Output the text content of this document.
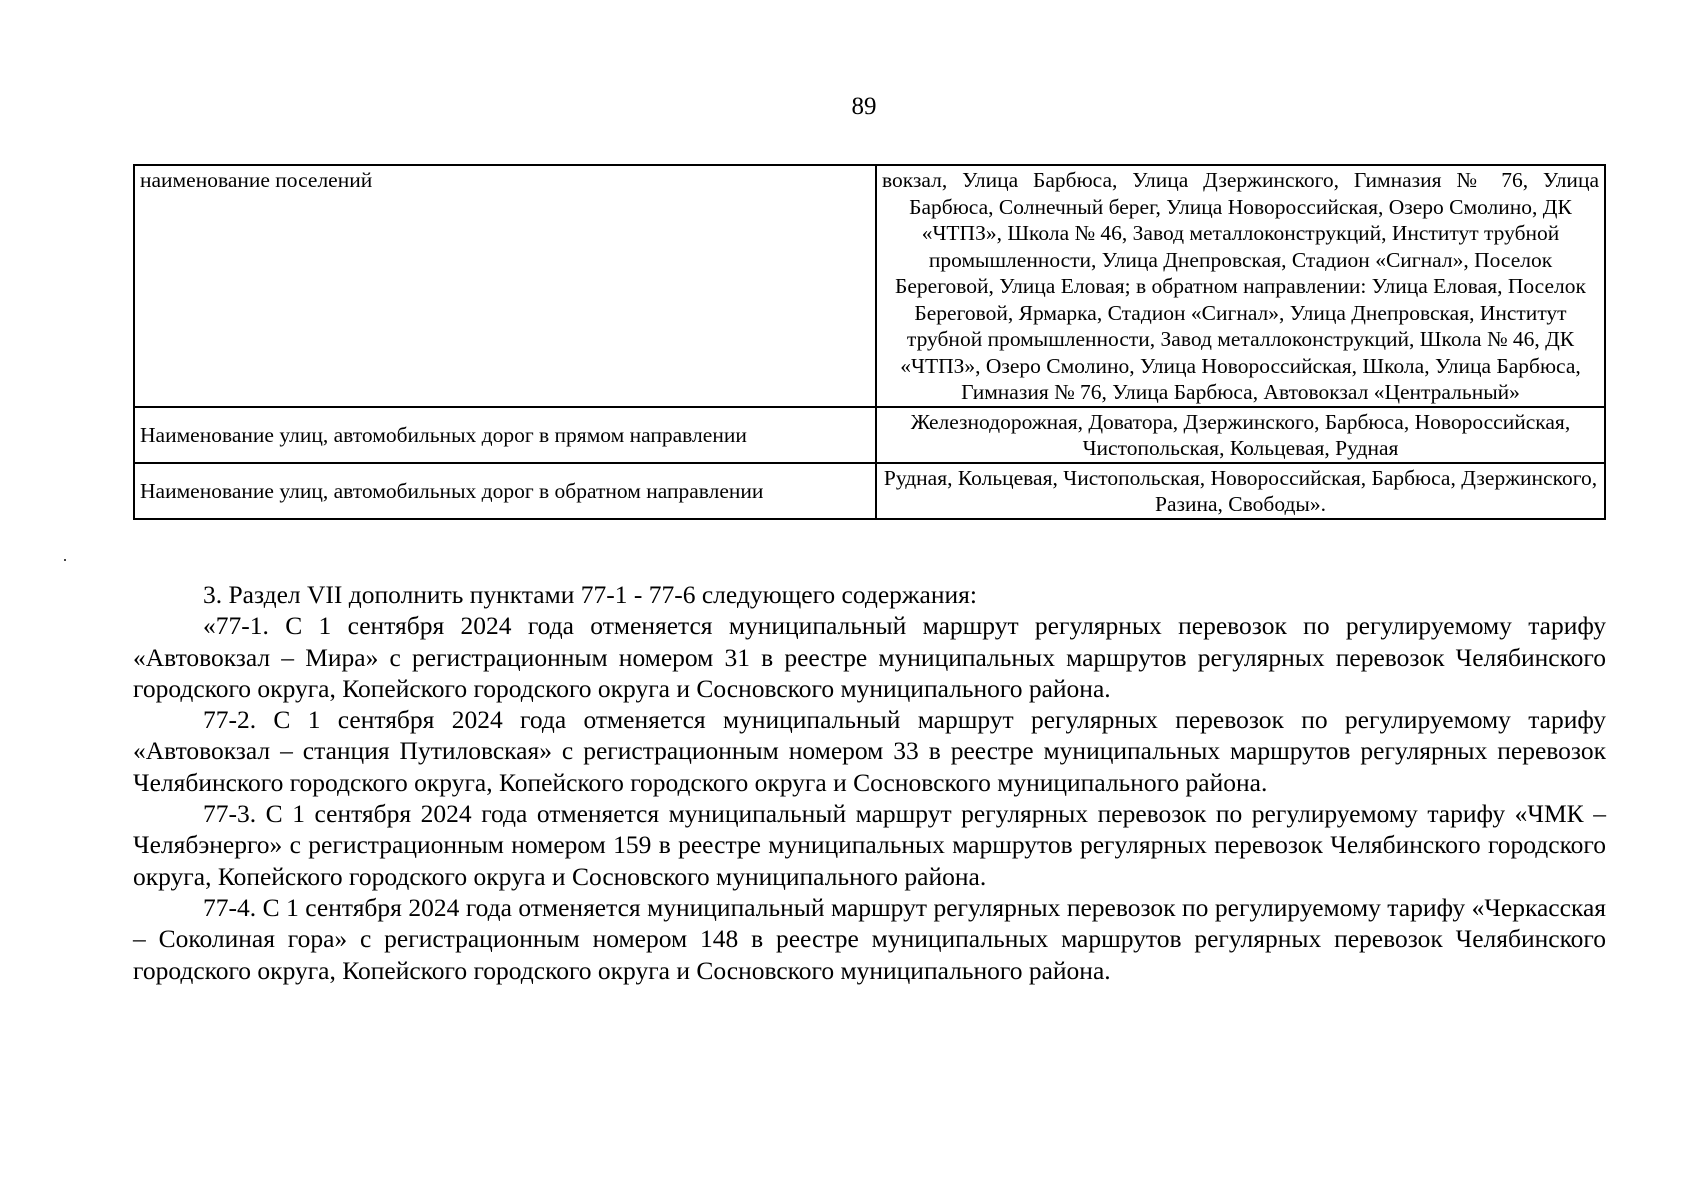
89
наименование поселений	вокзал, Улица Барбюса, Улица Дзержинского, Гимназия № 76, Улица
Барбюса, Солнечный берег, Улица Новороссийская, Озеро Смолино, ДК «ЧТПЗ», Школа № 46, Завод металлоконструкций, Институт трубной промышленности, Улица Днепровская, Стадион «Сигнал», Поселок Береговой, Улица Еловая; в обратном направлении: Улица Еловая, Поселок Береговой, Ярмарка, Стадион «Сигнал», Улица Днепровская, Институт трубной промышленности, Завод металлоконструкций, Школа № 46, ДК «ЧТПЗ», Озеро Смолино, Улица Новороссийская, Школа, Улица Барбюса, Гимназия № 76, Улица Барбюса, Автовокзал «Центральный»
Наименование улиц, автомобильных дорог в прямом направлении	Железнодорожная, Доватора, Дзержинского, Барбюса, Новороссийская, Чистопольская, Кольцевая, Рудная
Наименование улиц, автомобильных дорог в обратном направлении	Рудная, Кольцевая, Чистопольская, Новороссийская, Барбюса, Дзержинского, Разина, Свободы».

3. Раздел VII дополнить пунктами 77-1 - 77-6 следующего содержания:

«77-1. С 1 сентября 2024 года отменяется муниципальный маршрут регулярных перевозок по регулируемому тарифу «Автовокзал – Мира» с регистрационным номером 31 в реестре муниципальных маршрутов регулярных перевозок Челябинского городского округа, Копейского городского округа и Сосновского муниципального района.

77-2. С 1 сентября 2024 года отменяется муниципальный маршрут регулярных перевозок по регулируемому тарифу «Автовокзал – станция Путиловская» с регистрационным номером 33 в реестре муниципальных маршрутов регулярных перевозок Челябинского городского округа, Копейского городского округа и Сосновского муниципального района.

77-3. С 1 сентября 2024 года отменяется муниципальный маршрут регулярных перевозок по регулируемому тарифу «ЧМК – Челябэнерго» с регистрационным номером 159 в реестре муниципальных маршрутов регулярных перевозок Челябинского городского округа, Копейского городского округа и Сосновского муниципального района.

77-4. С 1 сентября 2024 года отменяется муниципальный маршрут регулярных перевозок по регулируемому тарифу «Черкасская – Соколиная гора» с регистрационным номером 148 в реестре муниципальных маршрутов регулярных перевозок Челябинского городского округа, Копейского городского округа и Сосновского муниципального района.
